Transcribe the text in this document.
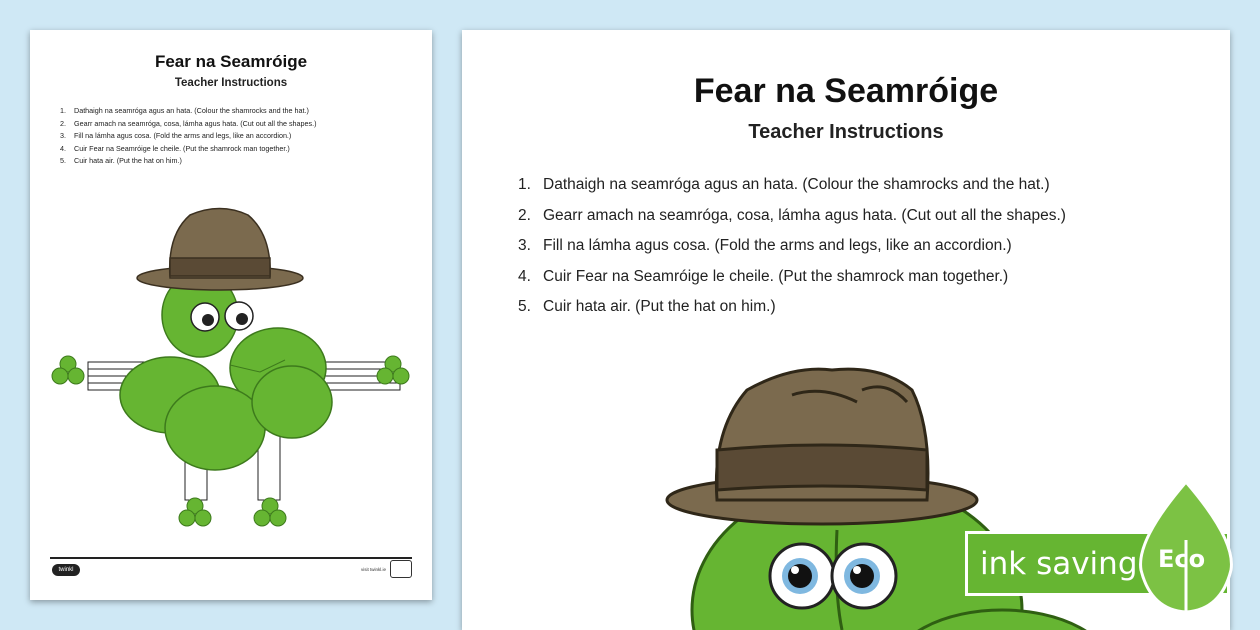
Fear na Seamróige
Teacher Instructions
1. Dathaigh na seamróga agus an hata. (Colour the shamrocks and the hat.)
2. Gearr amach na seamróga, cosa, lámha agus hata. (Cut out all the shapes.)
3. Fill na lámha agus cosa. (Fold the arms and legs, like an accordion.)
4. Cuir Fear na Seamróige le cheile. (Put the shamrock man together.)
5. Cuir hata air. (Put the hat on him.)
twinkl	visit twinkl.ie
Fear na Seamróige
Teacher Instructions
1. Dathaigh na seamróga agus an hata. (Colour the shamrocks and the hat.)
2. Gearr amach na seamróga, cosa, lámha agus hata. (Cut out all the shapes.)
3. Fill na lámha agus cosa. (Fold the arms and legs, like an accordion.)
4. Cuir Fear na Seamróige le cheile. (Put the shamrock man together.)
5. Cuir hata air. (Put the hat on him.)
ink saving Eco
